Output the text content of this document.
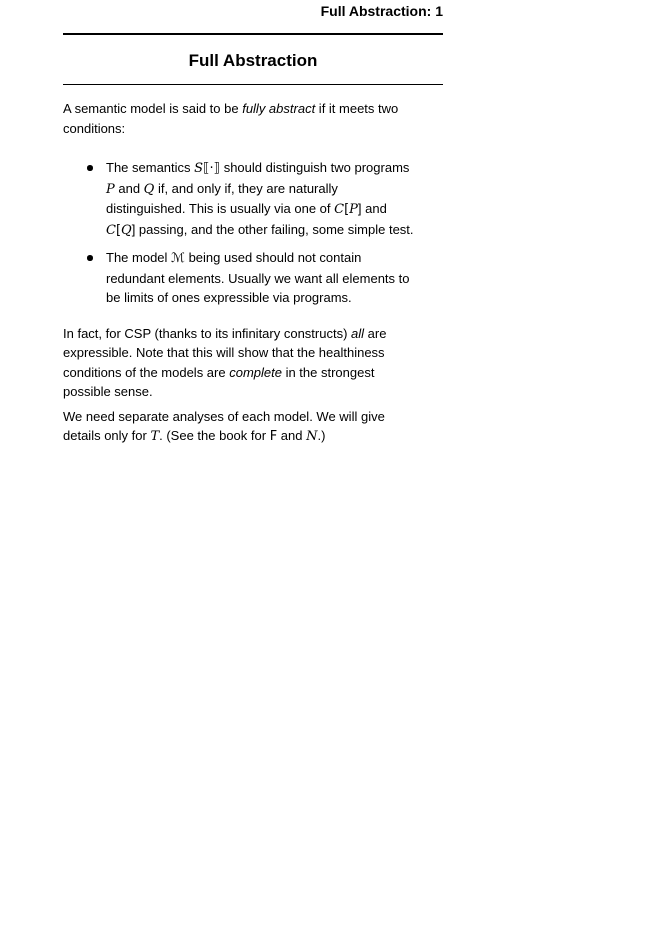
Full Abstraction: 1
Full Abstraction
A semantic model is said to be fully abstract if it meets two
conditions:
The semantics S⟦·⟧ should distinguish two programs
P and Q if, and only if, they are naturally
distinguished. This is usually via one of C[P] and
C[Q] passing, and the other failing, some simple test.
The model ℳ being used should not contain
redundant elements. Usually we want all elements to
be limits of ones expressible via programs.
In fact, for CSP (thanks to its infinitary constructs) all are
expressible. Note that this will show that the healthiness
conditions of the models are complete in the strongest
possible sense.
We need separate analyses of each model. We will give
details only for T. (See the book for F and N.)
